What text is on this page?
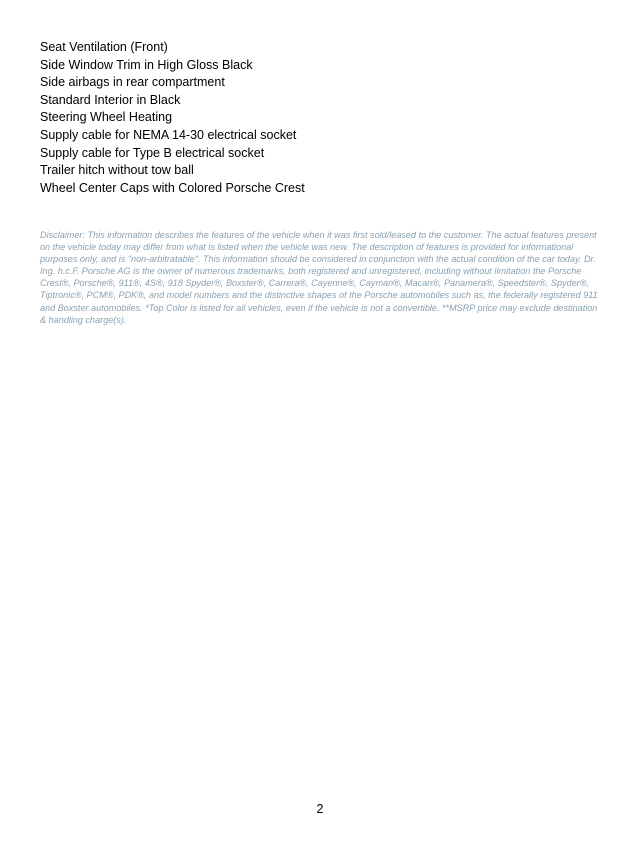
Seat Ventilation (Front)
Side Window Trim in High Gloss Black
Side airbags in rear compartment
Standard Interior in Black
Steering Wheel Heating
Supply cable for NEMA 14-30 electrical socket
Supply cable for Type B electrical socket
Trailer hitch without tow ball
Wheel Center Caps with Colored Porsche Crest

Disclaimer: This information describes the features of the vehicle when it was first sold/leased to the customer. The actual features present on the vehicle today may differ from what is listed when the vehicle was new. The description of features is provided for informational purposes only, and is "non-arbitratable". This information should be considered in conjunction with the actual condition of the car today. Dr. Ing. h.c.F. Porsche AG is the owner of numerous trademarks, both registered and unregistered, including without limitation the Porsche Crest®, Porsche®, 911®, 4S®, 918 Spyder®, Boxster®, Carrera®, Cayenne®, Cayman®, Macan®, Panamera®, Speedster®, Spyder®, Tiptronic®, PCM®, PDK®, and model numbers and the distinctive shapes of the Porsche automobiles such as, the federally registered 911 and Boxster automobiles. *Top Color is listed for all vehicles, even if the vehicle is not a convertible. **MSRP price may exclude destination & handling charge(s).

2
